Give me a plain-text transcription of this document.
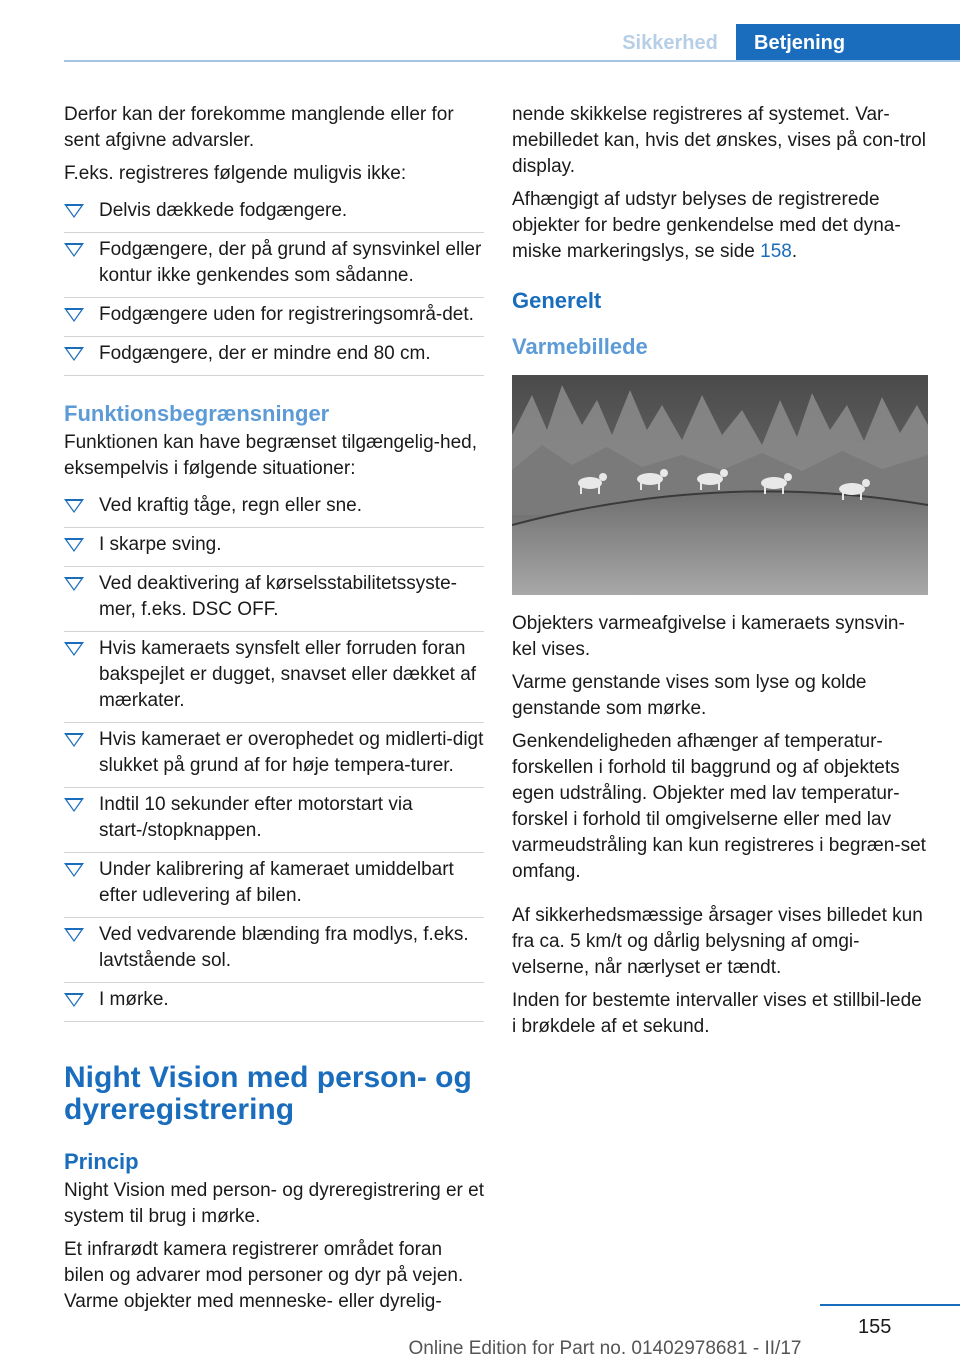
Sikkerhed	Betjening
Derfor kan der forekomme manglende eller for sent afgivne advarsler.
F.eks. registreres følgende muligvis ikke:
Delvis dækkede fodgængere.
Fodgængere, der på grund af synsvinkel eller kontur ikke genkendes som sådanne.
Fodgængere uden for registreringsområ-det.
Fodgængere, der er mindre end 80 cm.
Funktionsbegrænsninger
Funktionen kan have begrænset tilgængelig-hed, eksempelvis i følgende situationer:
Ved kraftig tåge, regn eller sne.
I skarpe sving.
Ved deaktivering af kørselsstabilitetssyste-mer, f.eks. DSC OFF.
Hvis kameraets synsfelt eller forruden foran bakspejlet er dugget, snavset eller dækket af mærkater.
Hvis kameraet er overophedet og midlerti-digt slukket på grund af for høje tempera-turer.
Indtil 10 sekunder efter motorstart via start-/stopknappen.
Under kalibrering af kameraet umiddelbart efter udlevering af bilen.
Ved vedvarende blænding fra modlys, f.eks. lavtstående sol.
I mørke.
Night Vision med person- og dyreregistrering
Princip
Night Vision med person- og dyreregistrering er et system til brug i mørke.
Et infrarødt kamera registrerer området foran bilen og advarer mod personer og dyr på vejen. Varme objekter med menneske- eller dyrelig-
nende skikkelse registreres af systemet. Var-mebilledet kan, hvis det ønskes, vises på con-trol display.
Afhængigt af udstyr belyses de registrerede objekter for bedre genkendelse med det dyna-miske markeringslys, se side 158.
Generelt
Varmebillede
Objekters varmeafgivelse i kameraets synsvin-kel vises.
Varme genstande vises som lyse og kolde genstande som mørke.
Genkendeligheden afhænger af temperatur-forskellen i forhold til baggrund og af objektets egen udstråling. Objekter med lav temperatur-forskel i forhold til omgivelserne eller med lav varmeudstråling kan kun registreres i begræn-set omfang.
Af sikkerhedsmæssige årsager vises billedet kun fra ca. 5 km/t og dårlig belysning af omgi-velserne, når nærlyset er tændt.
Inden for bestemte intervaller vises et stillbil-lede i brøkdele af et sekund.
155
Online Edition for Part no. 01402978681 - II/17
